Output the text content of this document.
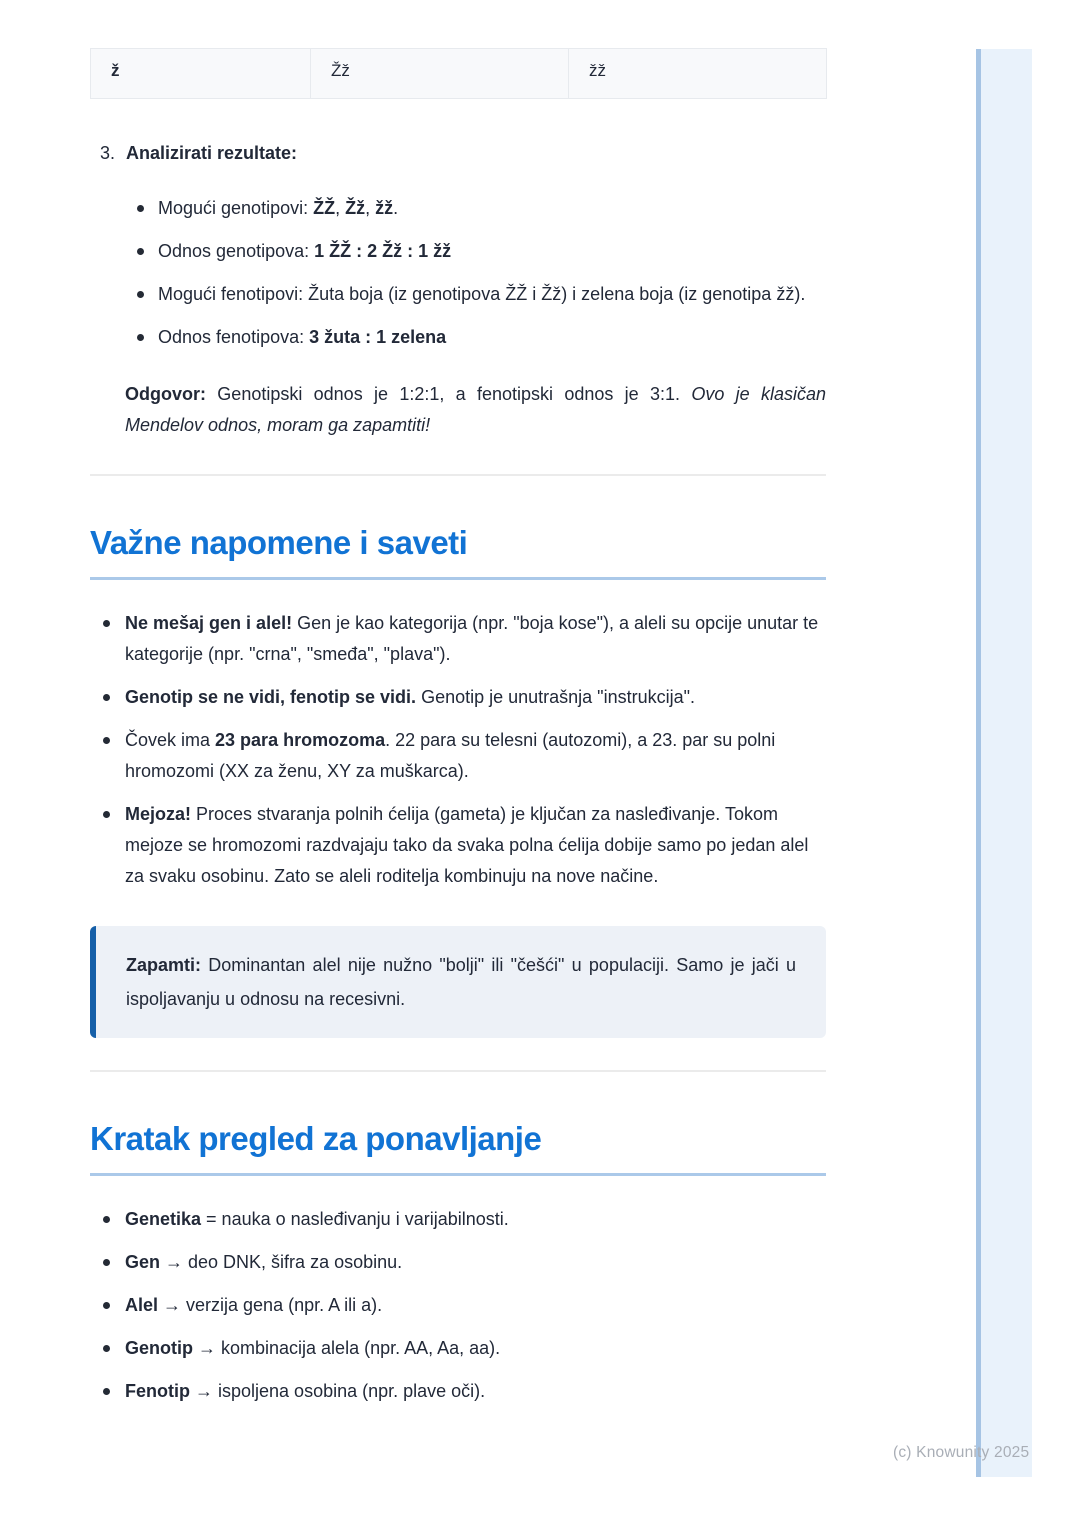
(c) Knowunity 2025
ž	Žž	žž
3. Analizirati rezultate:
Mogući genotipovi: ŽŽ, Žž, žž.
Odnos genotipova: 1 ŽŽ : 2 Žž : 1 žž
Mogući fenotipovi: Žuta boja (iz genotipova ŽŽ i Žž) i zelena boja (iz genotipa žž).
Odnos fenotipova: 3 žuta : 1 zelena

Odgovor: Genotipski odnos je 1:2:1, a fenotipski odnos je 3:1. Ovo je klasičan Mendelov odnos, moram ga zapamtiti!

Važne napomene i saveti
Ne mešaj gen i alel! Gen je kao kategorija (npr. "boja kose"), a aleli su opcije unutar te kategorije (npr. "crna", "smeđa", "plava").
Genotip se ne vidi, fenotip se vidi. Genotip je unutrašnja "instrukcija".
Čovek ima 23 para hromozoma. 22 para su telesni (autozomi), a 23. par su polni hromozomi (XX za ženu, XY za muškarca).
Mejoza! Proces stvaranja polnih ćelija (gameta) je ključan za nasleđivanje. Tokom mejoze se hromozomi razdvajaju tako da svaka polna ćelija dobije samo po jedan alel za svaku osobinu. Zato se aleli roditelja kombinuju na nove načine.
Zapamti: Dominantan alel nije nužno "bolji" ili "češći" u populaciji. Samo je jači u ispoljavanju u odnosu na recesivni.
Kratak pregled za ponavljanje
Genetika = nauka o nasleđivanju i varijabilnosti.
Gen → deo DNK, šifra za osobinu.
Alel → verzija gena (npr. A ili a).
Genotip → kombinacija alela (npr. AA, Aa, aa).
Fenotip → ispoljena osobina (npr. plave oči).
